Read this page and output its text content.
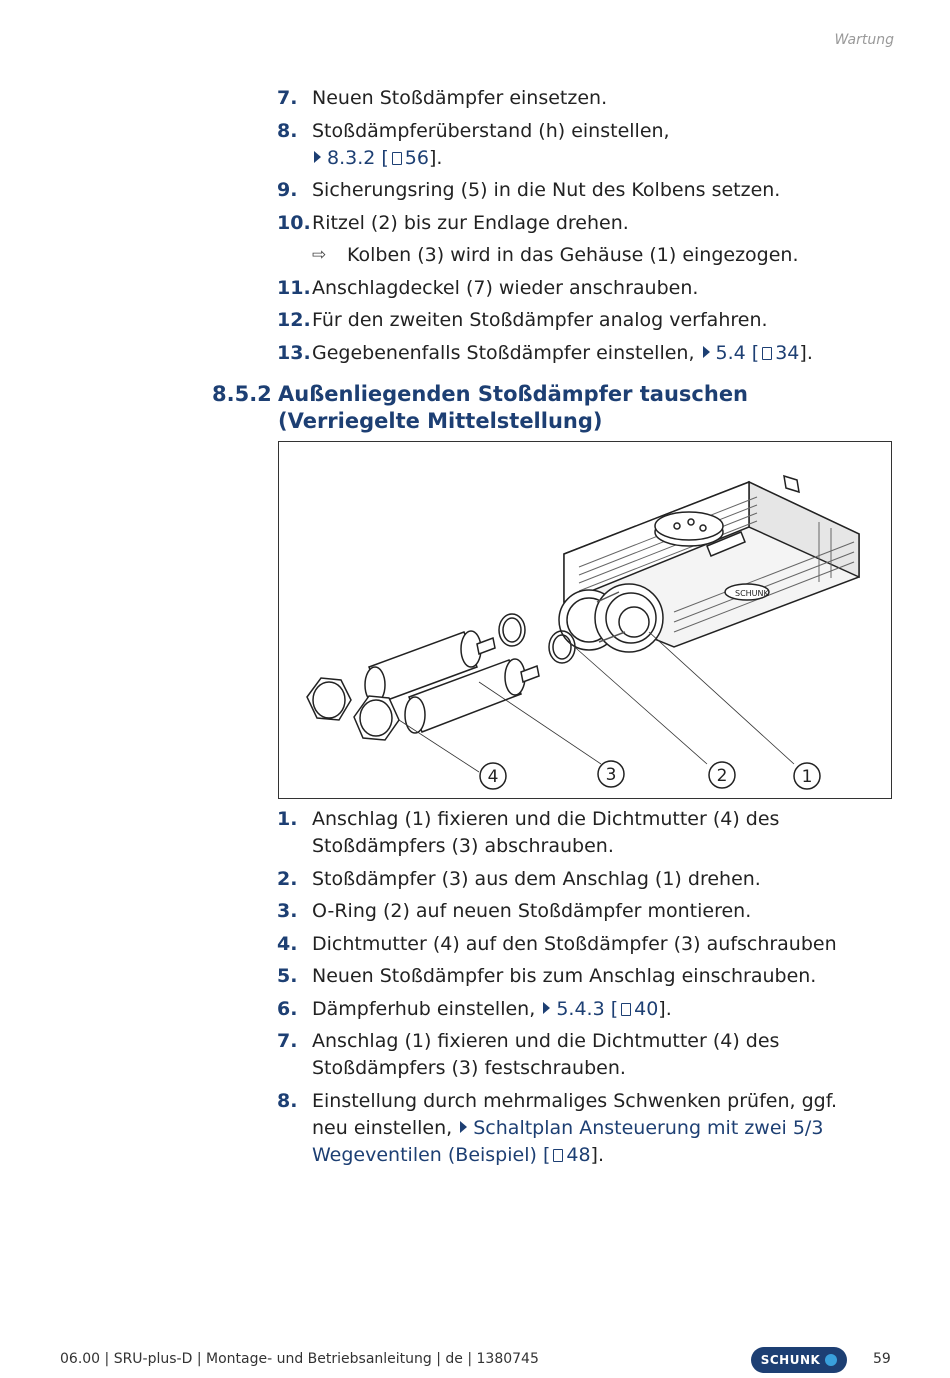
Wartung
7. Neuen Stoßdämpfer einsetzen.
8. Stoßdämpferüberstand (h) einstellen,
8.3.2 [ 56].
9. Sicherungsring (5) in die Nut des Kolbens setzen.
10. Ritzel (2) bis zur Endlage drehen.
⇨	Kolben (3) wird in das Gehäuse (1) eingezogen.
11. Anschlagdeckel (7) wieder anschrauben.
12. Für den zweiten Stoßdämpfer analog verfahren.
13. Gegebenenfalls Stoßdämpfer einstellen, 5.4 [ 34].
8.5.2 Außenliegenden Stoßdämpfer tauschen (Verriegelte Mittelstellung)
SCHUNK
4	3	2	1
1. Anschlag (1) fixieren und die Dichtmutter (4) des Stoßdämpfers (3) abschrauben.
2. Stoßdämpfer (3) aus dem Anschlag (1) drehen.
3. O-Ring (2) auf neuen Stoßdämpfer montieren.
4. Dichtmutter (4) auf den Stoßdämpfer (3) aufschrauben
5. Neuen Stoßdämpfer bis zum Anschlag einschrauben.
6. Dämpferhub einstellen, 5.4.3 [ 40].
7. Anschlag (1) fixieren und die Dichtmutter (4) des Stoßdämpfers (3) festschrauben.
8. Einstellung durch mehrmaliges Schwenken prüfen, ggf. neu einstellen, Schaltplan Ansteuerung mit zwei 5/3 Wegeventilen (Beispiel) [ 48].
06.00 | SRU-plus-D | Montage- und Betriebsanleitung | de | 1380745	SCHUNK	59
